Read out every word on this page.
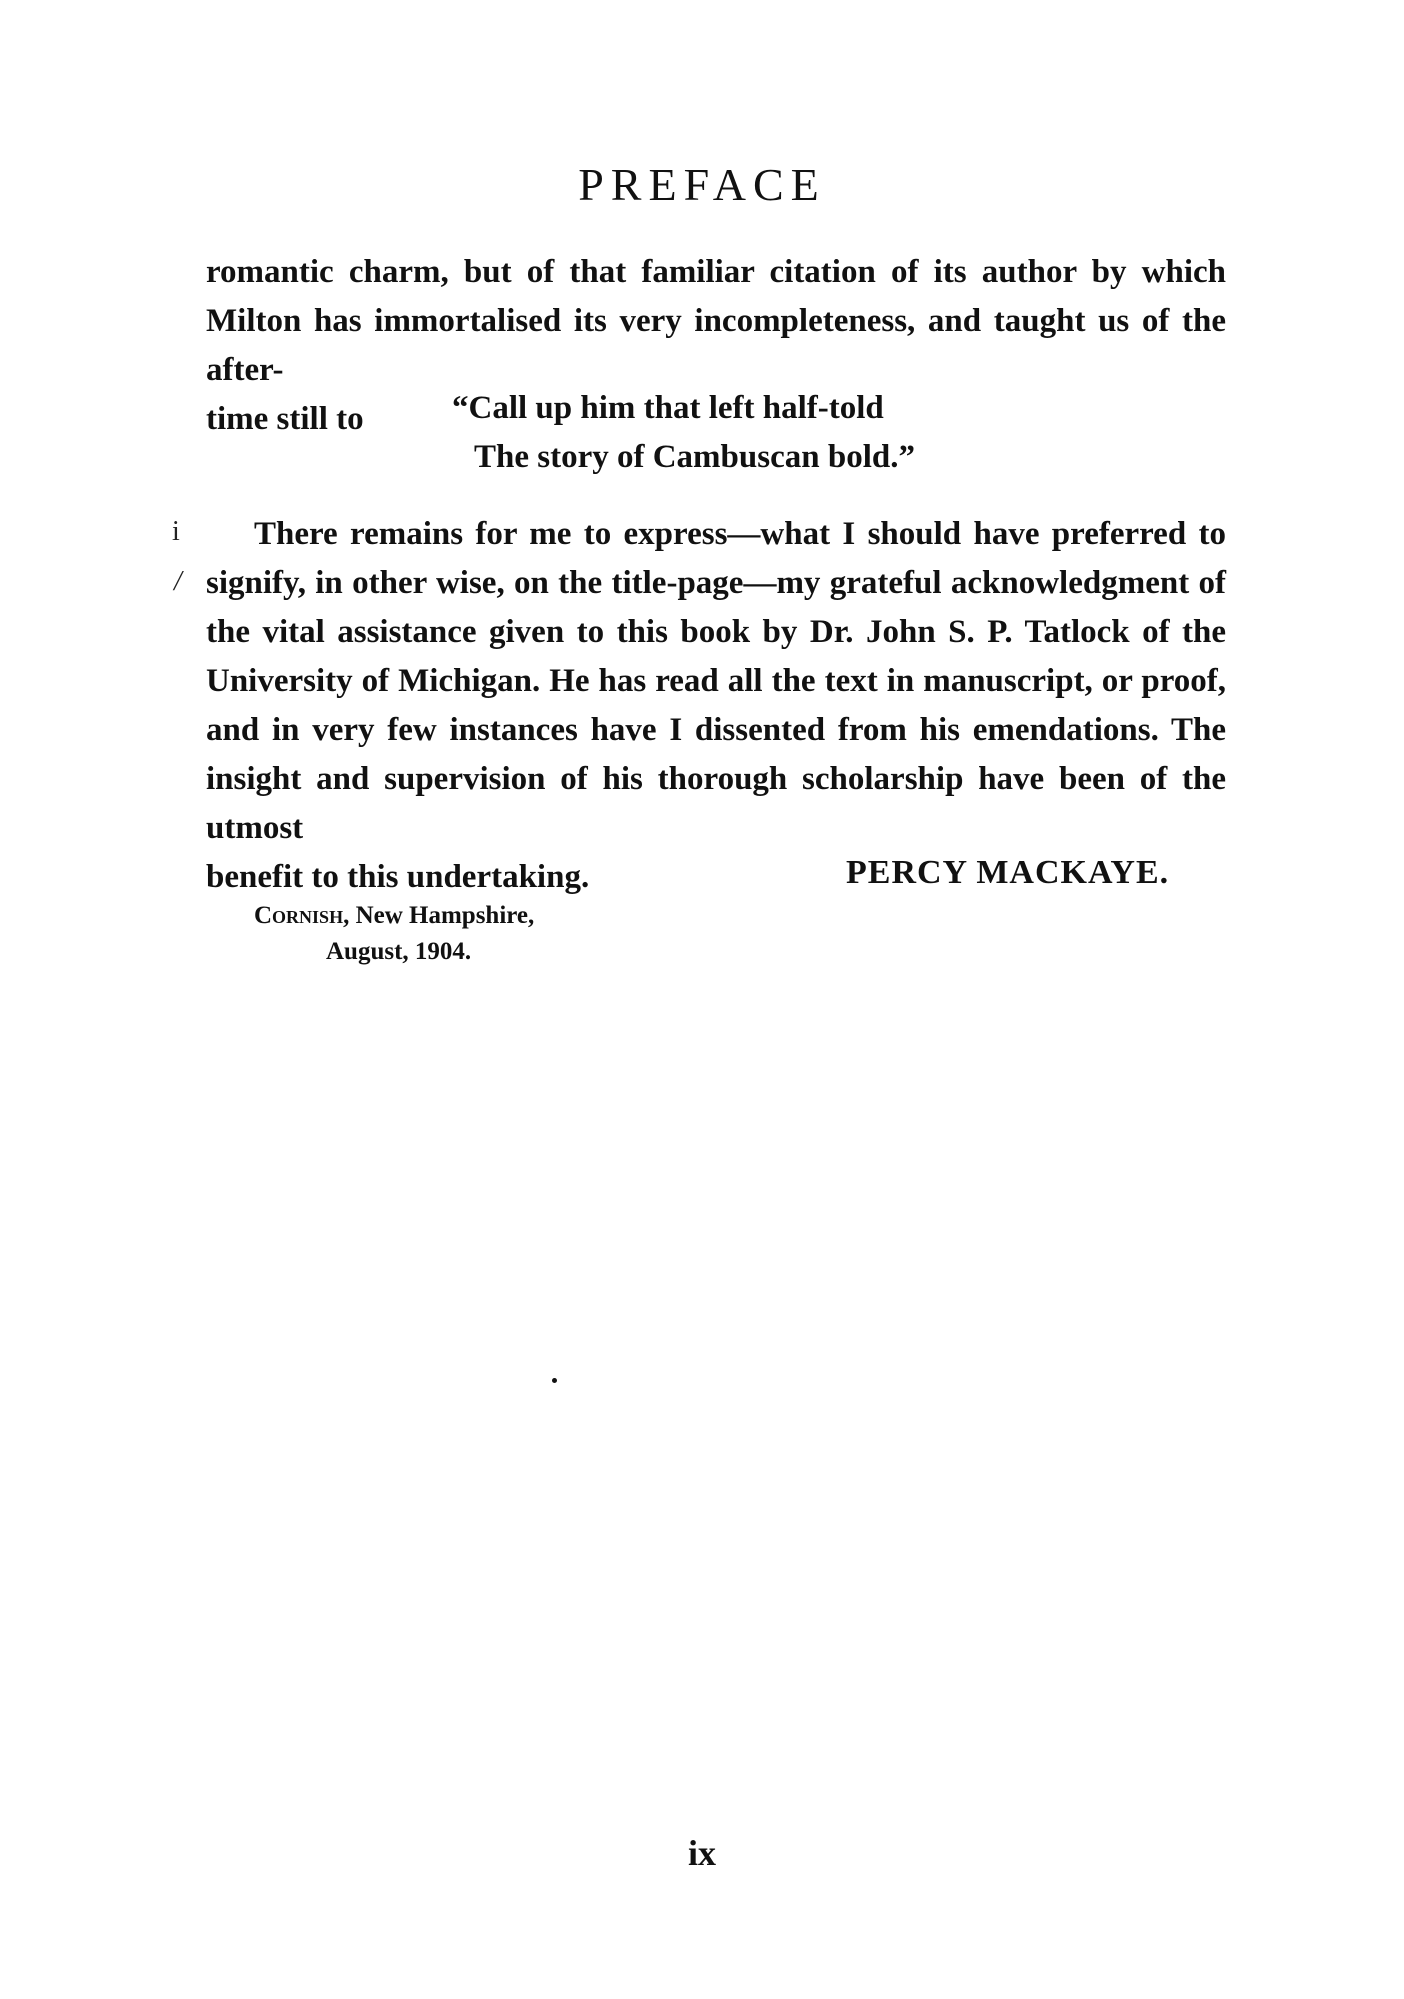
PREFACE
romantic charm, but of that familiar citation of its author by which
Milton has immortalised its very incompleteness, and taught us of the after-
time still to	“Call up him that left half-told
The story of Cambuscan bold.”
i
/
There remains for me to express—what I should have preferred to
signify, in other wise, on the title-page—my grateful acknowledgment of
the vital assistance given to this book by Dr. John S. P. Tatlock of the
University of Michigan. He has read all the text in manuscript, or proof,
and in very few instances have I dissented from his emendations. The
insight and supervision of his thorough scholarship have been of the utmost
benefit to this undertaking.	PERCY MACKAYE.
Cornish, New Hampshire,
August, 1904.
ix
